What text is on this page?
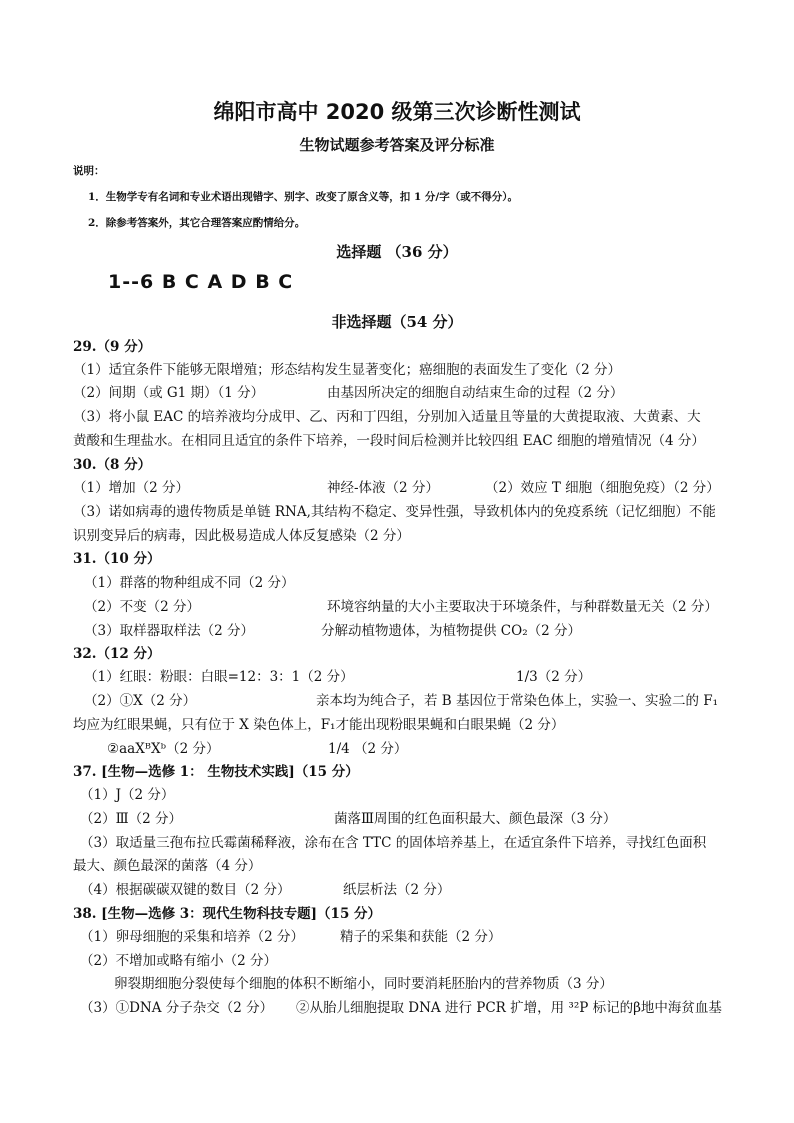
绵阳市高中 2020 级第三次诊断性测试
生物试题参考答案及评分标准
说明：
1．生物学专有名词和专业术语出现错字、别字、改变了原含义等，扣 1 分/字（或不得分）。
2．除参考答案外，其它合理答案应酌情给分。
选择题 （36 分）
1--6 B C A D B C
非选择题（54 分）
29.（9 分）
（1）适宜条件下能够无限增殖；形态结构发生显著变化；癌细胞的表面发生了变化（2 分）
（2）间期（或 G1 期）（1 分）	由基因所决定的细胞自动结束生命的过程（2 分）
（3）将小鼠 EAC 的培养液均分成甲、乙、丙和丁四组，分别加入适量且等量的大黄提取液、大黄素、大
黄酸和生理盐水。在相同且适宜的条件下培养，一段时间后检测并比较四组 EAC 细胞的增殖情况（4 分）
30.（8 分）
（1）增加（2 分）	神经-体液（2 分）	（2）效应 T 细胞（细胞免疫）（2 分）
（3）诺如病毒的遗传物质是单链 RNA,其结构不稳定、变异性强，导致机体内的免疫系统（记忆细胞）不能
识别变异后的病毒，因此极易造成人体反复感染（2 分）
31.（10 分）
（1）群落的物种组成不同（2 分）
（2）不变（2 分）	环境容纳量的大小主要取决于环境条件，与种群数量无关（2 分）
（3）取样器取样法（2 分）	分解动植物遗体，为植物提供 CO₂（2 分）
32.（12 分）
（1）红眼：粉眼：白眼=12：3：1（2 分）	1/3（2 分）
（2）①X（2 分）	亲本均为纯合子，若 B 基因位于常染色体上，实验一、实验二的 F₁
均应为红眼果蝇，只有位于 X 染色体上，F₁才能出现粉眼果蝇和白眼果蝇（2 分）
②aaXᴮXᵇ（2 分）	1/4 （2 分）
37. [生物—选修 1： 生物技术实践]（15 分）
（1）J（2 分）
（2）Ⅲ（2 分）	菌落Ⅲ周围的红色面积最大、颜色最深（3 分）
（3）取适量三孢布拉氏霉菌稀释液，涂布在含 TTC 的固体培养基上，在适宜条件下培养，寻找红色面积
最大、颜色最深的菌落（4 分）
（4）根据碳碳双键的数目（2 分）	纸层析法（2 分）
38. [生物—选修 3：现代生物科技专题]（15 分）
（1）卵母细胞的采集和培养（2 分）	精子的采集和获能（2 分）
（2）不增加或略有缩小（2 分）
卵裂期细胞分裂使每个细胞的体积不断缩小，同时要消耗胚胎内的营养物质（3 分）
（3）①DNA 分子杂交（2 分） ②从胎儿细胞提取 DNA 进行 PCR 扩增，用 ³²P 标记的β地中海贫血基
